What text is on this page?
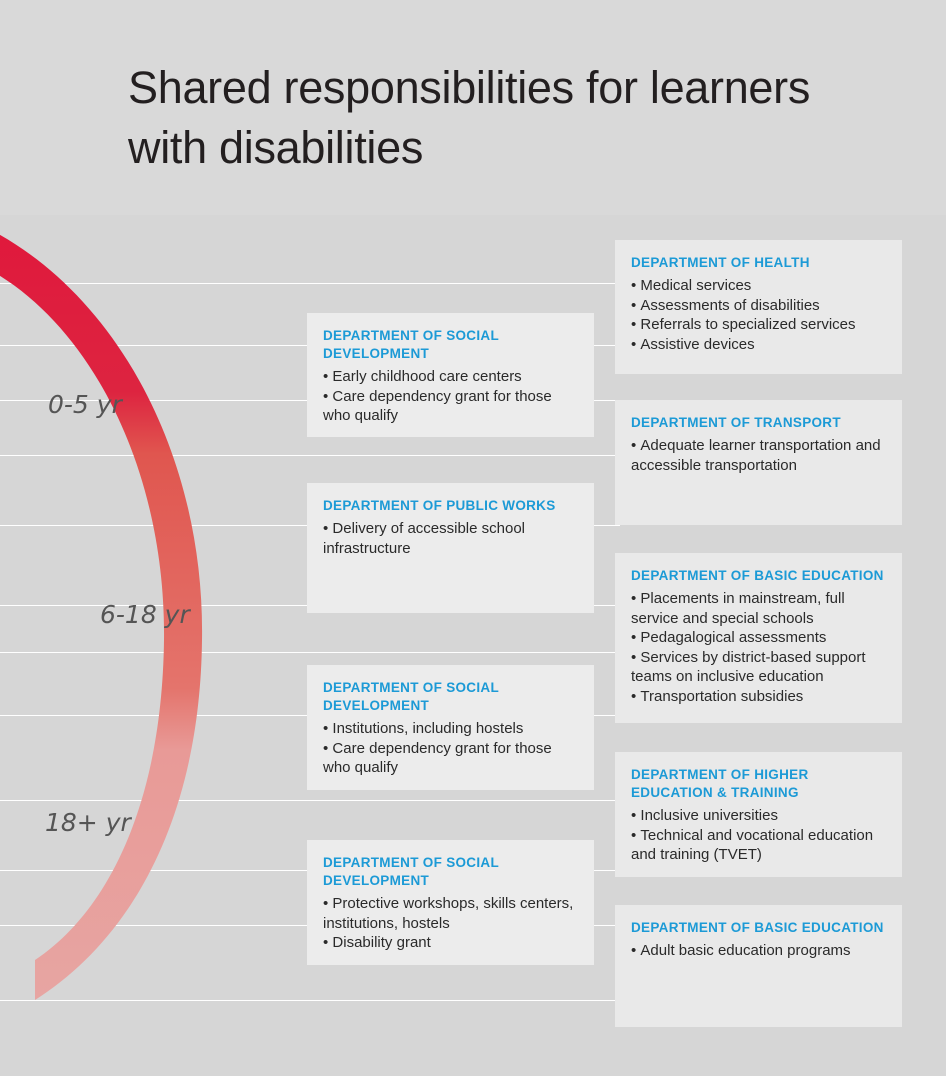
Shared responsibilities for learners with disabilities
0-5 yr
6-18 yr
18+ yr
DEPARTMENT OF SOCIAL DEVELOPMENT
• Early childhood care centers
• Care dependency grant for those who qualify
DEPARTMENT OF PUBLIC WORKS
• Delivery of accessible school infrastructure
DEPARTMENT OF SOCIAL DEVELOPMENT
• Institutions, including hostels
• Care dependency grant for those who qualify
DEPARTMENT OF SOCIAL DEVELOPMENT
• Protective workshops, skills centers, institutions, hostels
• Disability grant
DEPARTMENT OF HEALTH
• Medical services
• Assessments of disabilities
• Referrals to specialized services
• Assistive devices
DEPARTMENT OF TRANSPORT
• Adequate learner transportation and accessible transportation
DEPARTMENT OF BASIC EDUCATION
• Placements in mainstream, full service and special schools
• Pedagalogical assessments
• Services by district-based support teams on inclusive education
• Transportation subsidies
DEPARTMENT OF HIGHER EDUCATION & TRAINING
• Inclusive universities
• Technical and vocational education and training (TVET)
DEPARTMENT OF BASIC EDUCATION
• Adult basic education programs
